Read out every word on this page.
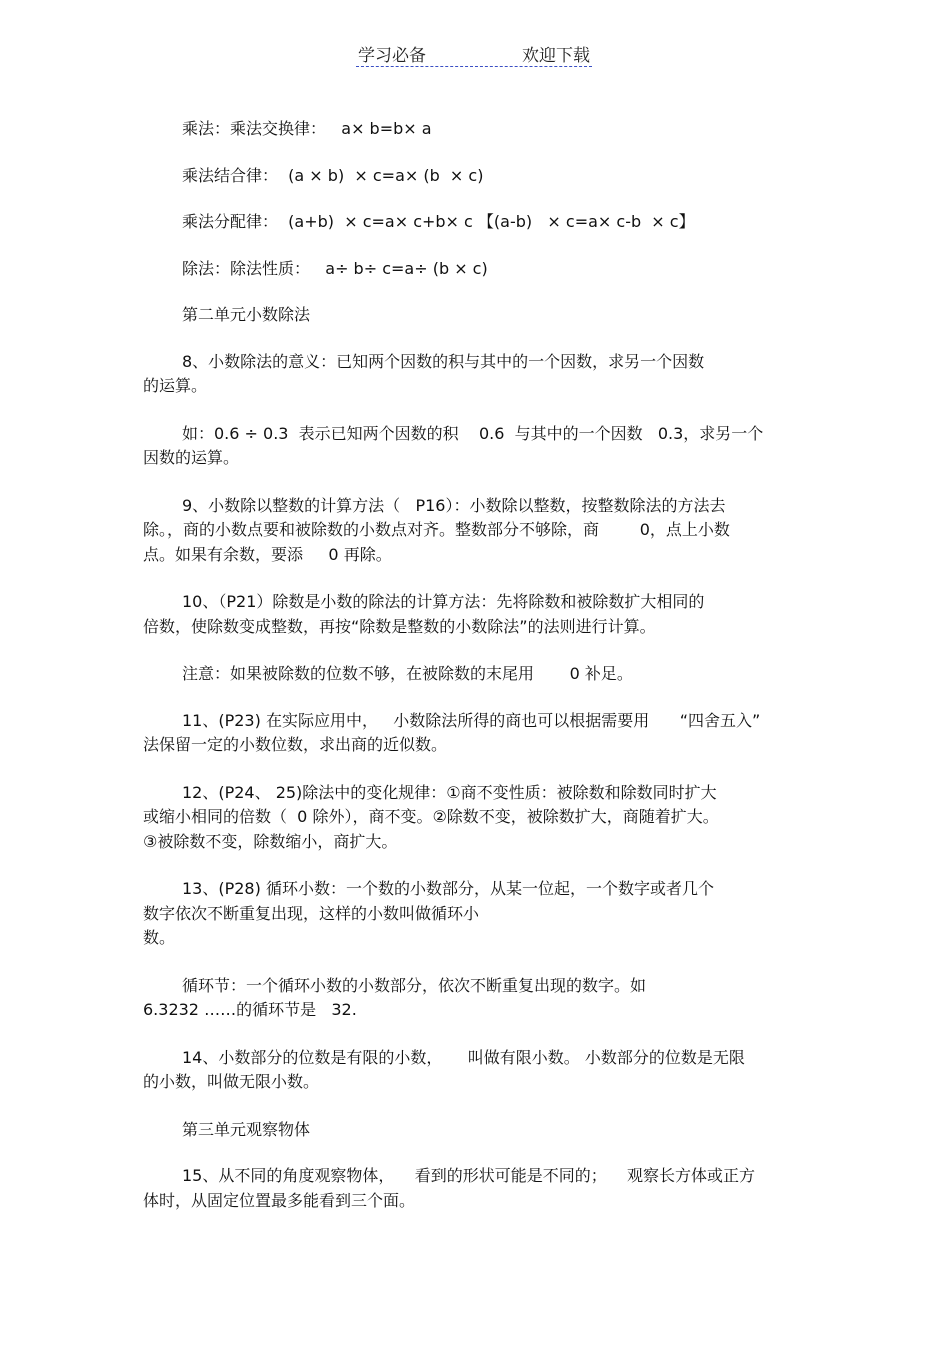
学习必备	欢迎下载

乘法：乘法交换律：   a× b=b× a

乘法结合律：  (a × b)  × c=a× (b  × c)

乘法分配律：  (a+b)  × c=a× c+b× c 【(a-b)   × c=a× c-b  × c】

除法：除法性质：   a÷ b÷ c=a÷ (b × c)

第二单元小数除法

8、小数除法的意义：已知两个因数的积与其中的一个因数，求另一个因数
的运算。

如：0.6 ÷ 0.3  表示已知两个因数的积    0.6  与其中的一个因数   0.3，求另一个
因数的运算。

9、小数除以整数的计算方法（   P16）：小数除以整数，按整数除法的方法去
除。，商的小数点要和被除数的小数点对齐。整数部分不够除，商        0，点上小数
点。如果有余数，要添     0 再除。

10、（P21）除数是小数的除法的计算方法：先将除数和被除数扩大相同的
倍数，使除数变成整数，再按“除数是整数的小数除法”的法则进行计算。

注意：如果被除数的位数不够，在被除数的末尾用       0 补足。

11、(P23) 在实际应用中，   小数除法所得的商也可以根据需要用      “四舍五入”
法保留一定的小数位数，求出商的近似数。

12、(P24、 25)除法中的变化规律：①商不变性质：被除数和除数同时扩大
或缩小相同的倍数（  0 除外），商不变。②除数不变，被除数扩大，商随着扩大。
③被除数不变，除数缩小，商扩大。

13、(P28) 循环小数：一个数的小数部分，从某一位起，一个数字或者几个
数字依次不断重复出现，这样的小数叫做循环小
数。

循环节：一个循环小数的小数部分，依次不断重复出现的数字。如
6.3232 ……的循环节是   32.

14、小数部分的位数是有限的小数，     叫做有限小数。 小数部分的位数是无限
的小数，叫做无限小数。

第三单元观察物体

15、从不同的角度观察物体，    看到的形状可能是不同的；    观察长方体或正方
体时，从固定位置最多能看到三个面。
